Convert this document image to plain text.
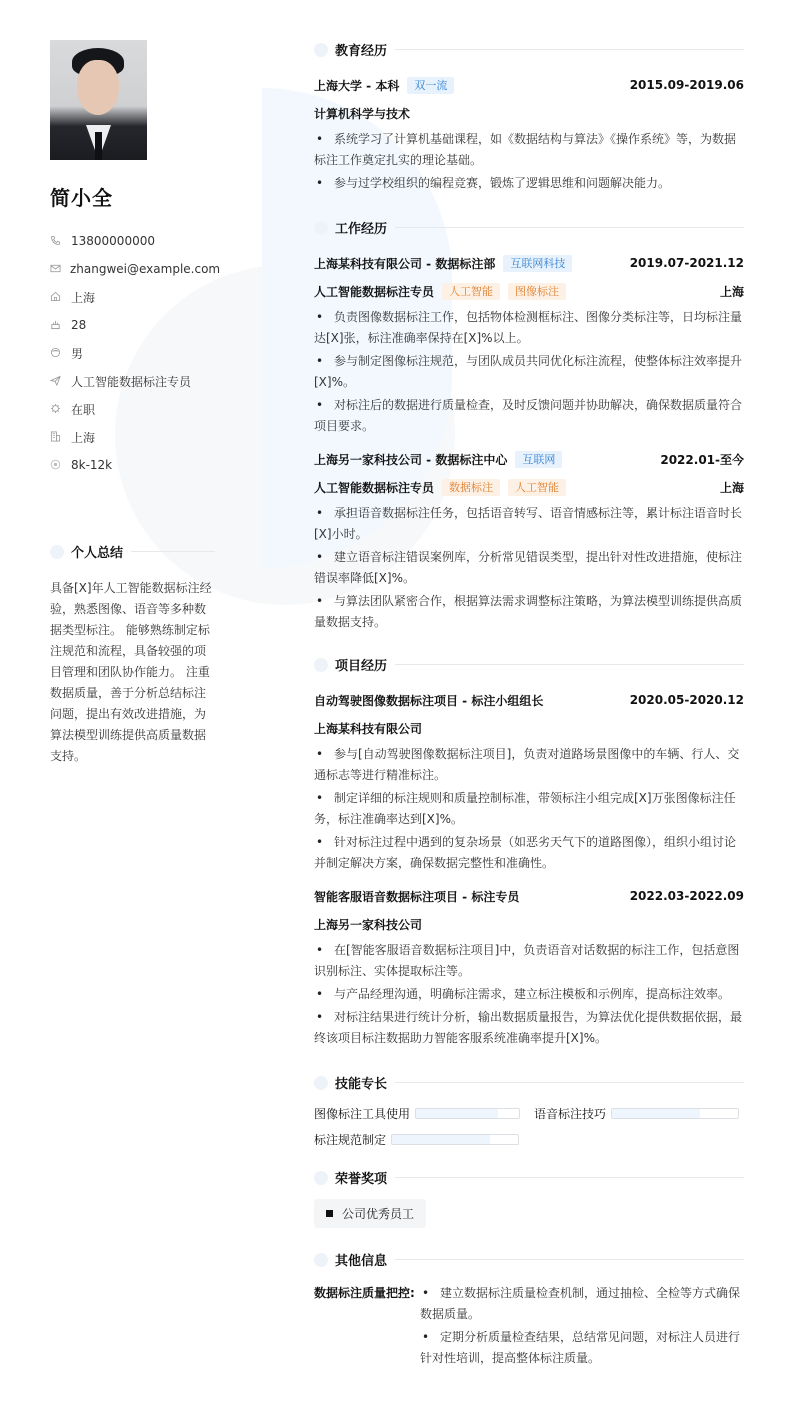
简小全
13800000000
zhangwei@example.com
上海
28
男
人工智能数据标注专员
在职
上海
8k-12k
个人总结
具备[X]年人工智能数据标注经验，熟悉图像、语音等多种数据类型标注。 能够熟练制定标注规范和流程，具备较强的项目管理和团队协作能力。 注重数据质量，善于分析总结标注问题，提出有效改进措施，为算法模型训练提供高质量数据支持。
教育经历
上海大学 - 本科	双一流	2015.09-2019.06
计算机科学与技术
• 系统学习了计算机基础课程，如《数据结构与算法》《操作系统》等，为数据标注工作奠定扎实的理论基础。
• 参与过学校组织的编程竞赛，锻炼了逻辑思维和问题解决能力。
工作经历
上海某科技有限公司 - 数据标注部	互联网科技	2019.07-2021.12
人工智能数据标注专员	人工智能	图像标注	上海
• 负责图像数据标注工作，包括物体检测框标注、图像分类标注等，日均标注量达[X]张，标注准确率保持在[X]%以上。
• 参与制定图像标注规范，与团队成员共同优化标注流程，使整体标注效率提升[X]%。
• 对标注后的数据进行质量检查，及时反馈问题并协助解决，确保数据质量符合项目要求。
上海另一家科技公司 - 数据标注中心	互联网	2022.01-至今
人工智能数据标注专员	数据标注	人工智能	上海
• 承担语音数据标注任务，包括语音转写、语音情感标注等，累计标注语音时长[X]小时。
• 建立语音标注错误案例库，分析常见错误类型，提出针对性改进措施，使标注错误率降低[X]%。
• 与算法团队紧密合作，根据算法需求调整标注策略，为算法模型训练提供高质量数据支持。
项目经历
自动驾驶图像数据标注项目 - 标注小组组长	2020.05-2020.12
上海某科技有限公司
• 参与[自动驾驶图像数据标注项目]，负责对道路场景图像中的车辆、行人、交通标志等进行精准标注。
• 制定详细的标注规则和质量控制标准，带领标注小组完成[X]万张图像标注任务，标注准确率达到[X]%。
• 针对标注过程中遇到的复杂场景（如恶劣天气下的道路图像），组织小组讨论并制定解决方案，确保数据完整性和准确性。
智能客服语音数据标注项目 - 标注专员	2022.03-2022.09
上海另一家科技公司
• 在[智能客服语音数据标注项目]中，负责语音对话数据的标注工作，包括意图识别标注、实体提取标注等。
• 与产品经理沟通，明确标注需求，建立标注模板和示例库，提高标注效率。
• 对标注结果进行统计分析，输出数据质量报告，为算法优化提供数据依据，最终该项目标注数据助力智能客服系统准确率提升[X]%。
技能专长
图像标注工具使用	语音标注技巧
标注规范制定
荣誉奖项
公司优秀员工
其他信息
数据标注质量把控:	• 建立数据标注质量检查机制，通过抽检、全检等方式确保数据质量。
• 定期分析质量检查结果，总结常见问题，对标注人员进行针对性培训，提高整体标注质量。
